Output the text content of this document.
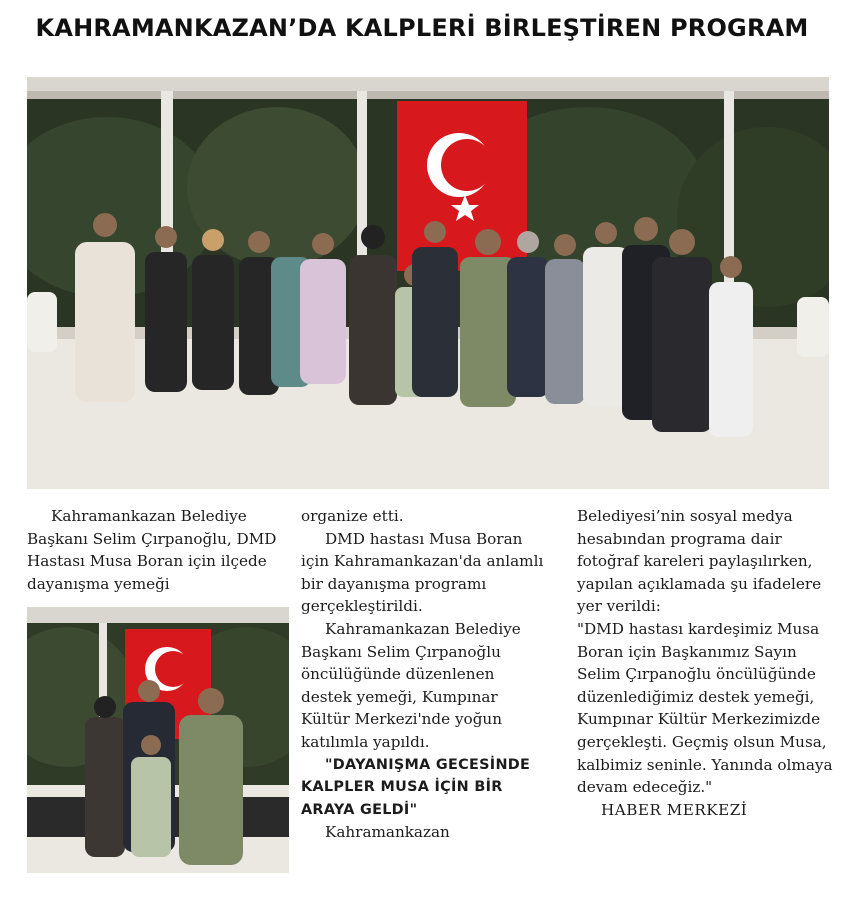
KAHRAMANKAZAN’DA KALPLERİ BİRLEŞTİREN PROGRAM

Kahramankazan Belediye Başkanı Selim Çırpanoğlu, DMD Hastası Musa Boran için ilçede dayanışma yemeği

organize etti.

DMD hastası Musa Boran için Kahramankazan'da anlamlı bir dayanışma programı gerçekleştirildi.

Kahramankazan Belediye Başkanı Selim Çırpanoğlu öncülüğünde düzenlenen destek yemeği, Kumpınar Kültür Merkezi'nde yoğun katılımla yapıldı.

"DAYANIŞMA GECESİNDE KALPLER MUSA İÇİN BİR ARAYA GELDİ"

Kahramankazan

Belediyesi’nin sosyal medya hesabından programa dair fotoğraf kareleri paylaşılırken, yapılan açıklamada şu ifadelere yer verildi:

"DMD hastası kardeşimiz Musa Boran için Başkanımız Sayın Selim Çırpanoğlu öncülüğünde düzenlediğimiz destek yemeği, Kumpınar Kültür Merkezimizde gerçekleşti. Geçmiş olsun Musa, kalbimiz seninle. Yanında olmaya devam edeceğiz."

HABER MERKEZİ
